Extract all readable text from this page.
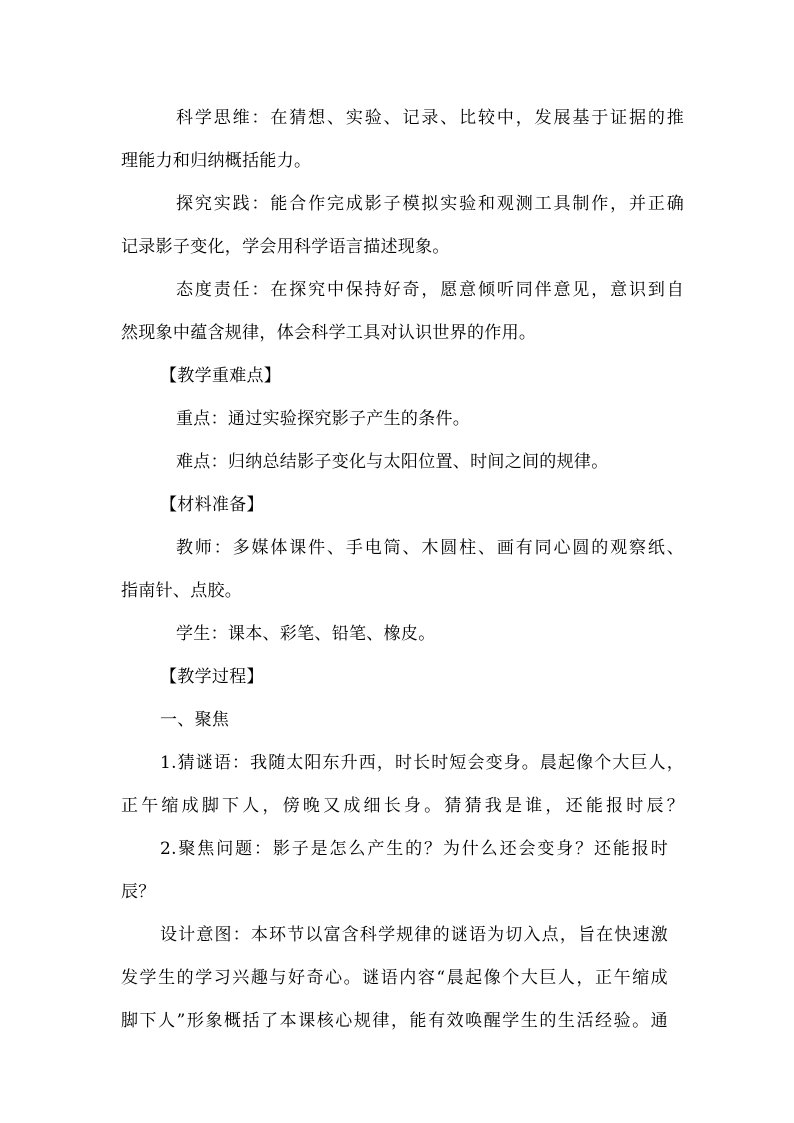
科学思维：在猜想、实验、记录、比较中，发展基于证据的推
理能力和归纳概括能力。
探究实践：能合作完成影子模拟实验和观测工具制作，并正确
记录影子变化，学会用科学语言描述现象。
态度责任：在探究中保持好奇，愿意倾听同伴意见，意识到自
然现象中蕴含规律，体会科学工具对认识世界的作用。
【教学重难点】
重点：通过实验探究影子产生的条件。
难点：归纳总结影子变化与太阳位置、时间之间的规律。
【材料准备】
教师：多媒体课件、手电筒、木圆柱、画有同心圆的观察纸、
指南针、点胶。
学生：课本、彩笔、铅笔、橡皮。
【教学过程】
一、聚焦
1.猜谜语：我随太阳东升西，时长时短会变身。晨起像个大巨人，
正午缩成脚下人，傍晚又成细长身。猜猜我是谁，还能报时辰？
2.聚焦问题：影子是怎么产生的？为什么还会变身？还能报时
辰？
设计意图：本环节以富含科学规律的谜语为切入点，旨在快速激
发学生的学习兴趣与好奇心。谜语内容“晨起像个大巨人，正午缩成
脚下人”形象概括了本课核心规律，能有效唤醒学生的生活经验。通
